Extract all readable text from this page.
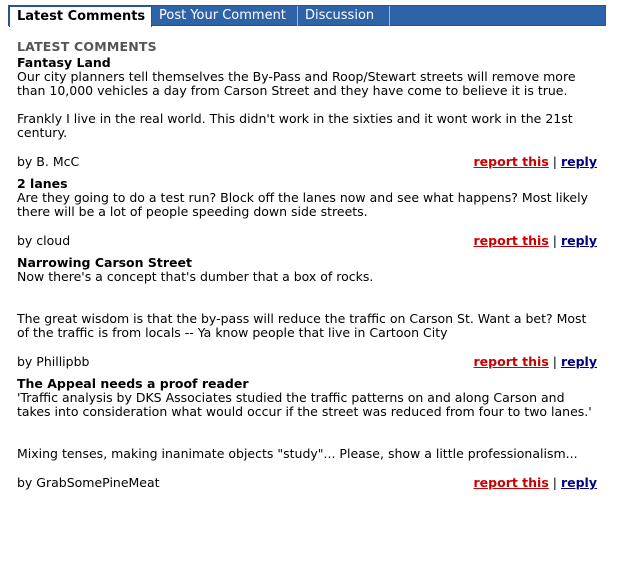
Latest Comments	Post Your Comment	Discussion
LATEST COMMENTS
Fantasy Land

Our city planners tell themselves the By-Pass and Roop/Stewart streets will remove more than 10,000 vehicles a day from Carson Street and they have come to believe it is true.

Frankly I live in the real world. This didn't work in the sixties and it wont work in the 21st century.

by B. McC	report this | reply
2 lanes

Are they going to do a test run? Block off the lanes now and see what happens? Most likely there will be a lot of people speeding down side streets.

by cloud	report this | reply
Narrowing Carson Street

Now there's a concept that's dumber that a box of rocks.

The great wisdom is that the by-pass will reduce the traffic on Carson St. Want a bet? Most of the traffic is from locals -- Ya know people that live in Cartoon City

by Phillipbb	report this | reply
The Appeal needs a proof reader

'Traffic analysis by DKS Associates studied the traffic patterns on and along Carson and takes into consideration what would occur if the street was reduced from four to two lanes.'

Mixing tenses, making inanimate objects "study"... Please, show a little professionalism...

by GrabSomePineMeat	report this | reply
